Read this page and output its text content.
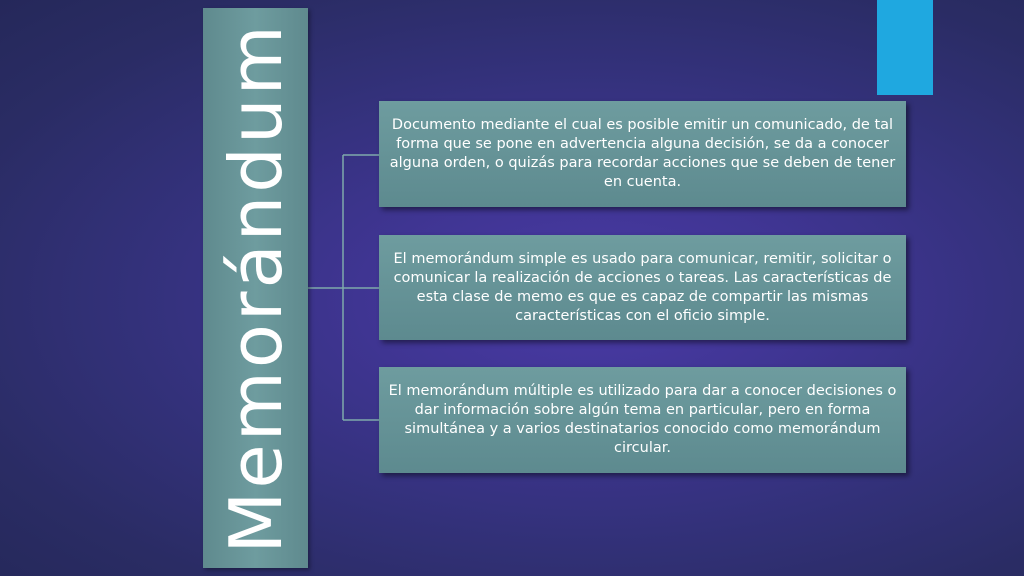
Memorándum	Documento mediante el cual es posible emitir un comunicado, de tal forma que se pone en advertencia alguna decisión, se da a conocer alguna orden, o quizás para recordar acciones que se deben de tener en cuenta.
El memorándum simple es usado para comunicar, remitir, solicitar o comunicar la realización de acciones o tareas. Las características de esta clase de memo es que es capaz de compartir las mismas características con el oficio simple.
El memorándum múltiple es utilizado para dar a conocer decisiones o dar información sobre algún tema en particular, pero en forma simultánea y a varios destinatarios conocido como memorándum circular.
